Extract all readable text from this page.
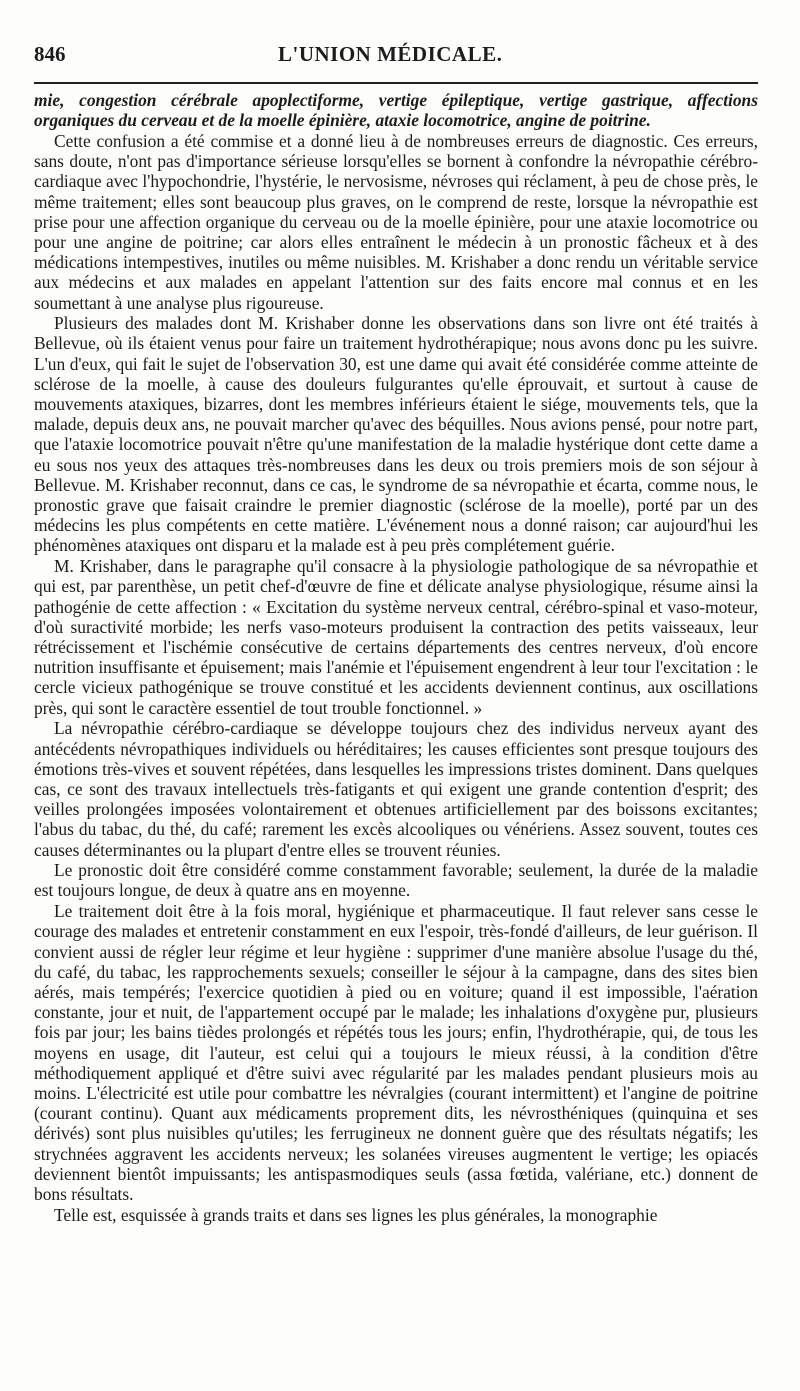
846	L'UNION MÉDICALE.

mie, congestion cérébrale apoplectiforme, vertige épileptique, vertige gastrique, affections organiques du cerveau et de la moelle épinière, ataxie locomotrice, angine de poitrine.

Cette confusion a été commise et a donné lieu à de nombreuses erreurs de diagnostic. Ces erreurs, sans doute, n'ont pas d'importance sérieuse lorsqu'elles se bornent à confondre la névropathie cérébro-cardiaque avec l'hypochondrie, l'hystérie, le nervosisme, névroses qui réclament, à peu de chose près, le même traitement; elles sont beaucoup plus graves, on le comprend de reste, lorsque la névropathie est prise pour une affection organique du cerveau ou de la moelle épinière, pour une ataxie locomotrice ou pour une angine de poitrine; car alors elles entraînent le médecin à un pronostic fâcheux et à des médications intempestives, inutiles ou même nuisibles. M. Krishaber a donc rendu un véritable service aux médecins et aux malades en appelant l'attention sur des faits encore mal connus et en les soumettant à une analyse plus rigoureuse.

Plusieurs des malades dont M. Krishaber donne les observations dans son livre ont été traités à Bellevue, où ils étaient venus pour faire un traitement hydrothérapique; nous avons donc pu les suivre. L'un d'eux, qui fait le sujet de l'observation 30, est une dame qui avait été considérée comme atteinte de sclérose de la moelle, à cause des douleurs fulgurantes qu'elle éprouvait, et surtout à cause de mouvements ataxiques, bizarres, dont les membres inférieurs étaient le siége, mouvements tels, que la malade, depuis deux ans, ne pouvait marcher qu'avec des béquilles. Nous avions pensé, pour notre part, que l'ataxie locomotrice pouvait n'être qu'une manifestation de la maladie hystérique dont cette dame a eu sous nos yeux des attaques très-nombreuses dans les deux ou trois premiers mois de son séjour à Bellevue. M. Krishaber reconnut, dans ce cas, le syndrome de sa névropathie et écarta, comme nous, le pronostic grave que faisait craindre le premier diagnostic (sclérose de la moelle), porté par un des médecins les plus compétents en cette matière. L'événement nous a donné raison; car aujourd'hui les phénomènes ataxiques ont disparu et la malade est à peu près complétement guérie.

M. Krishaber, dans le paragraphe qu'il consacre à la physiologie pathologique de sa névropathie et qui est, par parenthèse, un petit chef-d'œuvre de fine et délicate analyse physiologique, résume ainsi la pathogénie de cette affection : « Excitation du système nerveux central, cérébro-spinal et vaso-moteur, d'où suractivité morbide; les nerfs vaso-moteurs produisent la contraction des petits vaisseaux, leur rétrécissement et l'ischémie consécutive de certains départements des centres nerveux, d'où encore nutrition insuffisante et épuisement; mais l'anémie et l'épuisement engendrent à leur tour l'excitation : le cercle vicieux pathogénique se trouve constitué et les accidents deviennent continus, aux oscillations près, qui sont le caractère essentiel de tout trouble fonctionnel. »

La névropathie cérébro-cardiaque se développe toujours chez des individus nerveux ayant des antécédents névropathiques individuels ou héréditaires; les causes efficientes sont presque toujours des émotions très-vives et souvent répétées, dans lesquelles les impressions tristes dominent. Dans quelques cas, ce sont des travaux intellectuels très-fatigants et qui exigent une grande contention d'esprit; des veilles prolongées imposées volontairement et obtenues artificiellement par des boissons excitantes; l'abus du tabac, du thé, du café; rarement les excès alcooliques ou vénériens. Assez souvent, toutes ces causes déterminantes ou la plupart d'entre elles se trouvent réunies.

Le pronostic doit être considéré comme constamment favorable; seulement, la durée de la maladie est toujours longue, de deux à quatre ans en moyenne.

Le traitement doit être à la fois moral, hygiénique et pharmaceutique. Il faut relever sans cesse le courage des malades et entretenir constamment en eux l'espoir, très-fondé d'ailleurs, de leur guérison. Il convient aussi de régler leur régime et leur hygiène : supprimer d'une manière absolue l'usage du thé, du café, du tabac, les rapprochements sexuels; conseiller le séjour à la campagne, dans des sites bien aérés, mais tempérés; l'exercice quotidien à pied ou en voiture; quand il est impossible, l'aération constante, jour et nuit, de l'appartement occupé par le malade; les inhalations d'oxygène pur, plusieurs fois par jour; les bains tièdes prolongés et répétés tous les jours; enfin, l'hydrothérapie, qui, de tous les moyens en usage, dit l'auteur, est celui qui a toujours le mieux réussi, à la condition d'être méthodiquement appliqué et d'être suivi avec régularité par les malades pendant plusieurs mois au moins. L'électricité est utile pour combattre les névralgies (courant intermittent) et l'angine de poitrine (courant continu). Quant aux médicaments proprement dits, les névrosthéniques (quinquina et ses dérivés) sont plus nuisibles qu'utiles; les ferrugineux ne donnent guère que des résultats négatifs; les strychnées aggravent les accidents nerveux; les solanées vireuses augmentent le vertige; les opiacés deviennent bientôt impuissants; les antispasmodiques seuls (assa fœtida, valériane, etc.) donnent de bons résultats.

Telle est, esquissée à grands traits et dans ses lignes les plus générales, la monographie
